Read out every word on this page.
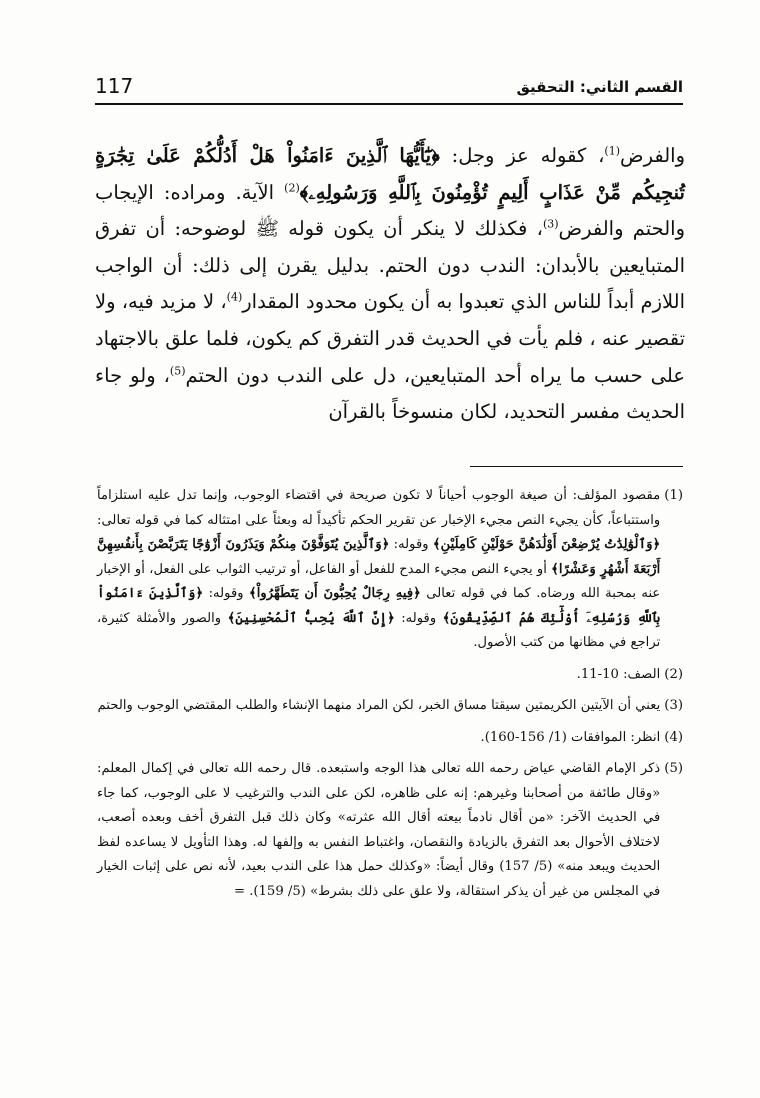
القسم الثاني: التحقيق
117

والفرض$^{(1)}$، كقوله عز وجل: ﴿يَٰٓأَيُّهَا ٱلَّذِينَ ءَامَنُواْ هَلْ أَدُلُّكُمْ عَلَىٰ تِجَٰرَةٍ تُنجِيكُم مِّنْ عَذَابٍ أَلِيمٍ تُؤْمِنُونَ بِٱللَّهِ وَرَسُولِهِۦ﴾$^{(2)}$ الآية. ومراده: الإيجاب والحتم والفرض$^{(3)}$، فكذلك لا ينكر أن يكون قوله ﷺ لوضوحه: أن تفرق المتبايعين بالأبدان: الندب دون الحتم. بدليل يقرن إلى ذلك: أن الواجب اللازم أبداً للناس الذي تعبدوا به أن يكون محدود المقدار$^{(4)}$، لا مزيد فيه، ولا تقصير عنه ، فلم يأت في الحديث قدر التفرق كم يكون، فلما علق بالاجتهاد على حسب ما يراه أحد المتبايعين، دل على الندب دون الحتم$^{(5)}$، ولو جاء الحديث مفسر التحديد، لكان منسوخاً بالقرآن

(1)
مقصود المؤلف: أن صيغة الوجوب أحياناً لا تكون صريحة في اقتضاء الوجوب، وإنما تدل عليه استلزاماً واستتباعاً، كأن يجيء النص مجيء الإخبار عن تقرير الحكم تأكيداً له وبعثاً على امتثاله كما في قوله تعالى: ﴿وَٱلْوَٰلِدَٰتُ يُرْضِعْنَ أَوْلَٰدَهُنَّ حَوْلَيْنِ كَامِلَيْنِ﴾ وقوله: ﴿وَٱلَّذِينَ يُتَوَفَّوْنَ مِنكُمْ وَيَذَرُونَ أَزْوَٰجًا يَتَرَبَّصْنَ بِأَنفُسِهِنَّ أَرْبَعَةَ أَشْهُرٍ وَعَشْرًا﴾ أو يجيء النص مجيء المدح للفعل أو الفاعل، أو ترتيب الثواب على الفعل، أو الإخبار عنه بمحبة الله ورضاه. كما في قوله تعالى ﴿فِيهِ رِجَالٌ يُحِبُّونَ أَن يَتَطَهَّرُواْ﴾ وقوله: ﴿وَٱلَّذِينَ ءَامَنُواْ بِٱللَّهِ وَرُسُلِهِۦٓ أُوْلَٰٓئِكَ هُمُ ٱلصِّدِّيقُونَ﴾ وقوله: ﴿إِنَّ ٱللَّهَ يُحِبُّ ٱلْمُحْسِنِينَ﴾ والصور والأمثلة كثيرة، تراجع في مظانها من كتب الأصول.
(2)
الصف: 10-11.
(3)
يعني أن الآيتين الكريمتين سيقتا مساق الخبر، لكن المراد منهما الإنشاء والطلب المقتضي الوجوب والحتم
(4)
انظر: الموافقات (1/ 156-160).
(5)
ذكر الإمام القاضي عياض رحمه الله تعالى هذا الوجه واستبعده. قال رحمه الله تعالى في إكمال المعلم: «وقال طائفة من أصحابنا وغيرهم: إنه على ظاهره، لكن على الندب والترغيب لا على الوجوب، كما جاء في الحديث الآخر: «من أقال نادماً بيعته أقال الله عثرته» وكان ذلك قبل التفرق أخف وبعده أصعب، لاختلاف الأحوال بعد التفرق بالزيادة والنقصان، واغتباط النفس به وإلفها له. وهذا التأويل لا يساعده لفظ الحديث ويبعد منه» (5/ 157) وقال أيضاً: «وكذلك حمل هذا على الندب بعيد، لأنه نص على إثبات الخيار في المجلس من غير أن يذكر استقالة، ولا علق على ذلك بشرط» (5/ 159). =
